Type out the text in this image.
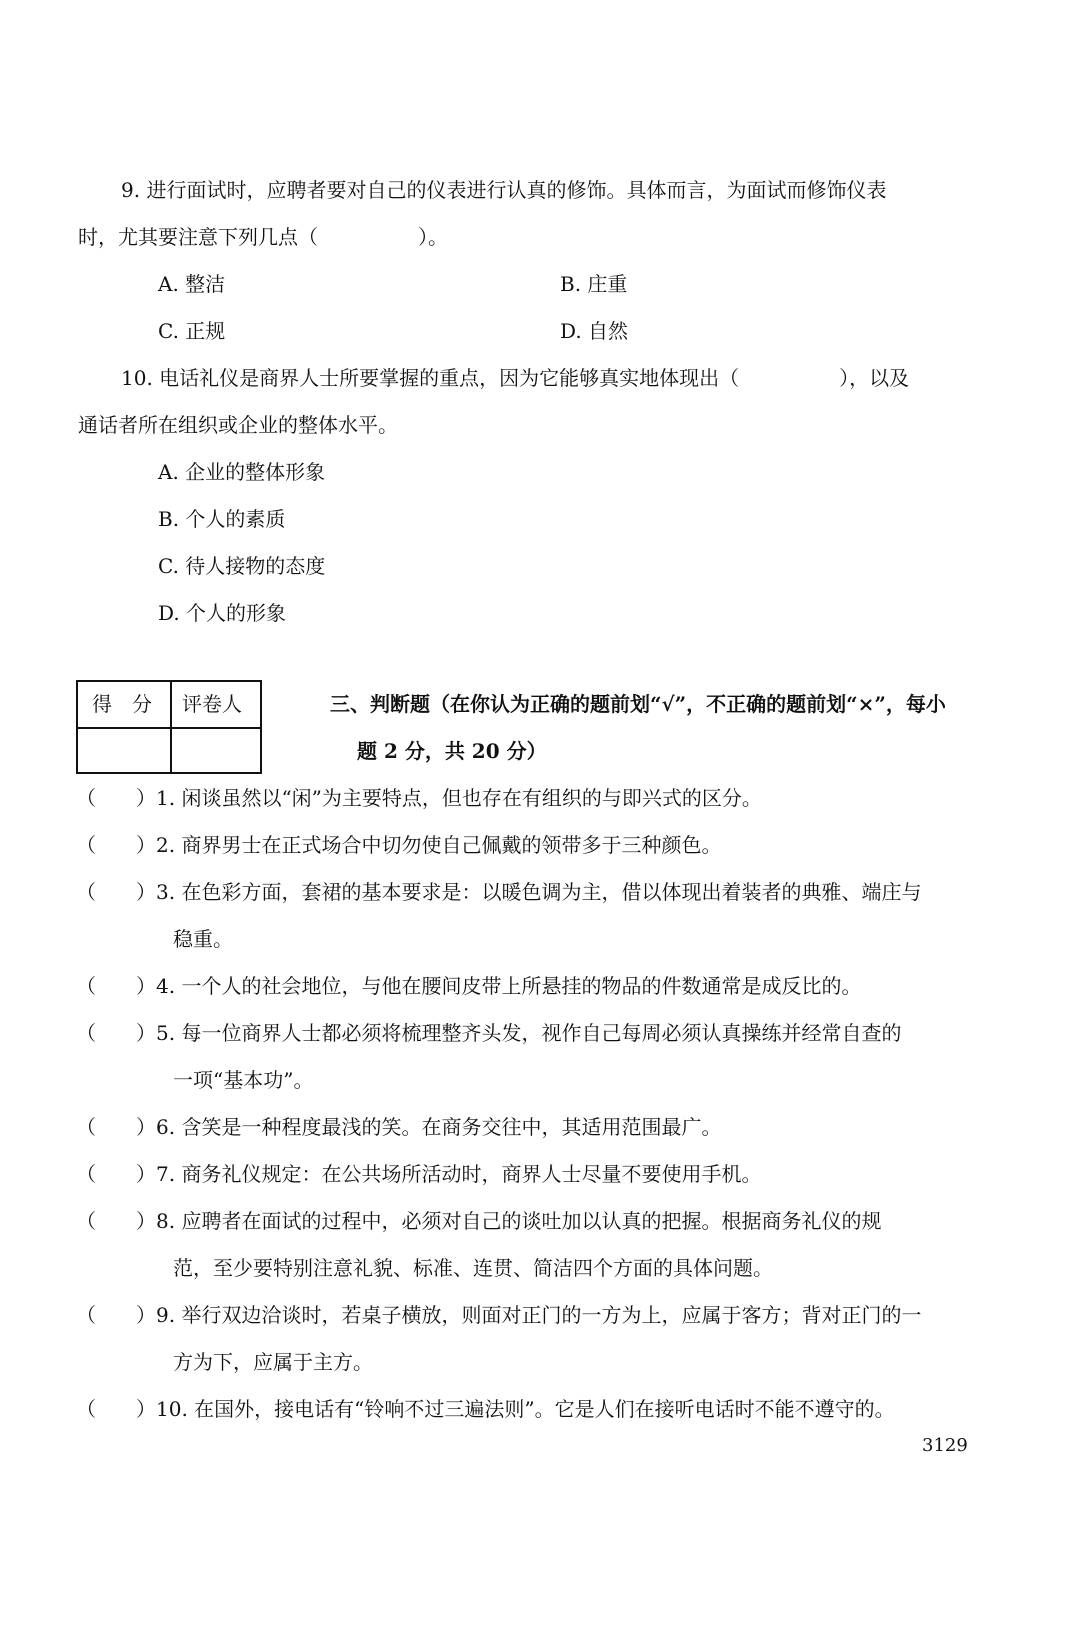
9. 进行面试时，应聘者要对自己的仪表进行认真的修饰。具体而言，为面试而修饰仪表
时，尤其要注意下列几点（　　　　　）。
A. 整洁	B. 庄重
C. 正规	D. 自然
10. 电话礼仪是商界人士所要掌握的重点，因为它能够真实地体现出（　　　　　），以及
通话者所在组织或企业的整体水平。
A. 企业的整体形象
B. 个人的素质
C. 待人接物的态度
D. 个人的形象
得　分 评卷人	三、判断题（在你认为正确的题前划“√”，不正确的题前划“×”，每小
题 2 分，共 20 分）
（　　）1. 闲谈虽然以“闲”为主要特点，但也存在有组织的与即兴式的区分。
（　　）2. 商界男士在正式场合中切勿使自己佩戴的领带多于三种颜色。
（　　）3. 在色彩方面，套裙的基本要求是：以暖色调为主，借以体现出着装者的典雅、端庄与
稳重。
（　　）4. 一个人的社会地位，与他在腰间皮带上所悬挂的物品的件数通常是成反比的。
（　　）5. 每一位商界人士都必须将梳理整齐头发，视作自己每周必须认真操练并经常自查的
一项“基本功”。
（　　）6. 含笑是一种程度最浅的笑。在商务交往中，其适用范围最广。
（　　）7. 商务礼仪规定：在公共场所活动时，商界人士尽量不要使用手机。
（　　）8. 应聘者在面试的过程中，必须对自己的谈吐加以认真的把握。根据商务礼仪的规
范，至少要特别注意礼貌、标准、连贯、简洁四个方面的具体问题。
（　　）9. 举行双边洽谈时，若桌子横放，则面对正门的一方为上，应属于客方；背对正门的一
方为下，应属于主方。
（　　）10. 在国外，接电话有“铃响不过三遍法则”。它是人们在接听电话时不能不遵守的。
3129
